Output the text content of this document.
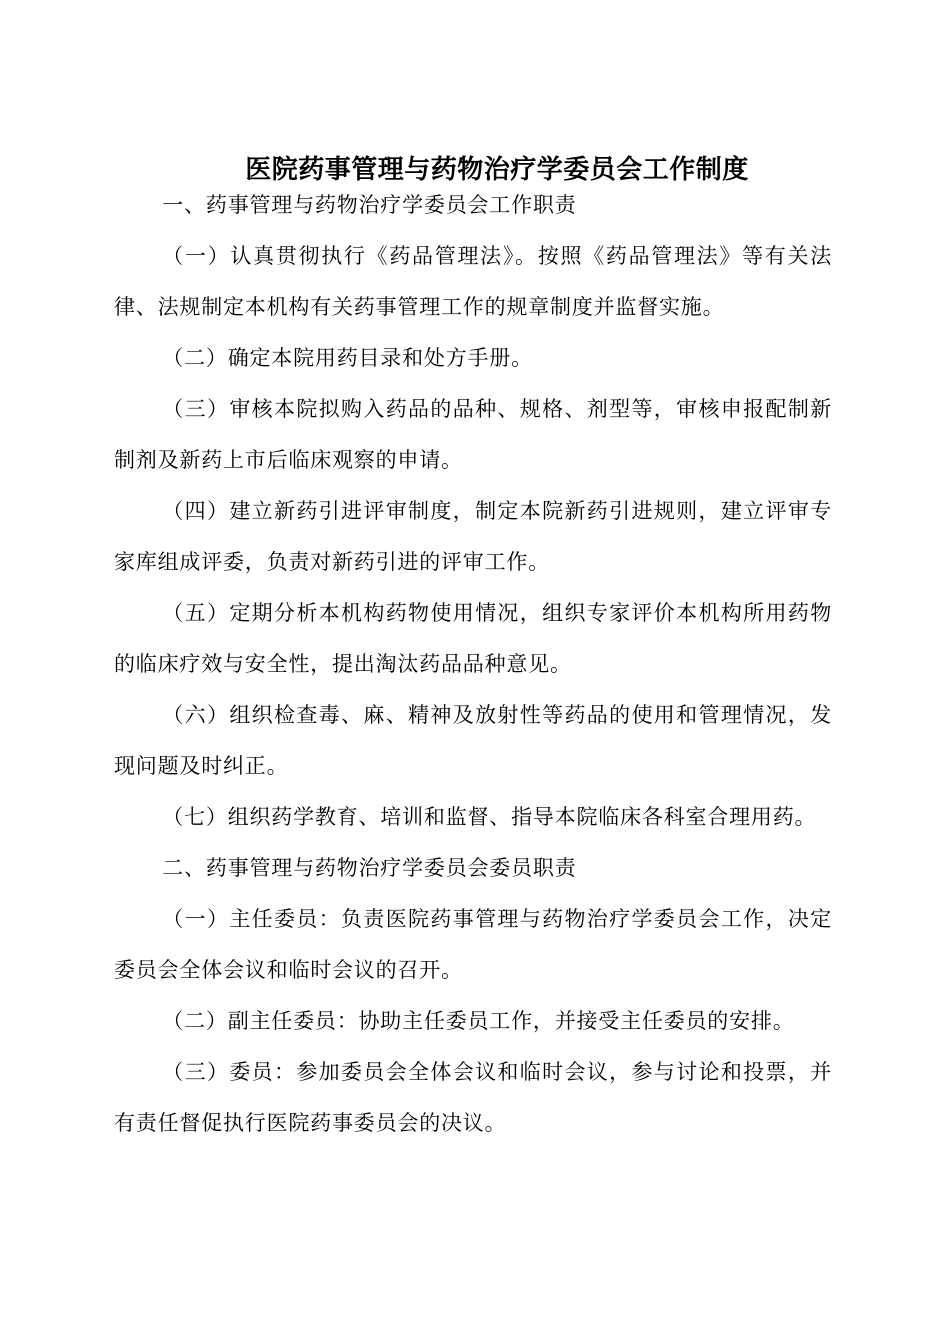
医院药事管理与药物治疗学委员会工作制度

一、药事管理与药物治疗学委员会工作职责

（一）认真贯彻执行《药品管理法》。按照《药品管理法》等有关法律、法规制定本机构有关药事管理工作的规章制度并监督实施。

（二）确定本院用药目录和处方手册。

（三）审核本院拟购入药品的品种、规格、剂型等，审核申报配制新制剂及新药上市后临床观察的申请。

（四）建立新药引进评审制度，制定本院新药引进规则，建立评审专家库组成评委，负责对新药引进的评审工作。

（五）定期分析本机构药物使用情况，组织专家评价本机构所用药物的临床疗效与安全性，提出淘汰药品品种意见。

（六）组织检查毒、麻、精神及放射性等药品的使用和管理情况，发现问题及时纠正。

（七）组织药学教育、培训和监督、指导本院临床各科室合理用药。

二、药事管理与药物治疗学委员会委员职责

（一）主任委员：负责医院药事管理与药物治疗学委员会工作，决定委员会全体会议和临时会议的召开。

（二）副主任委员：协助主任委员工作，并接受主任委员的安排。

（三）委员：参加委员会全体会议和临时会议，参与讨论和投票，并有责任督促执行医院药事委员会的决议。
